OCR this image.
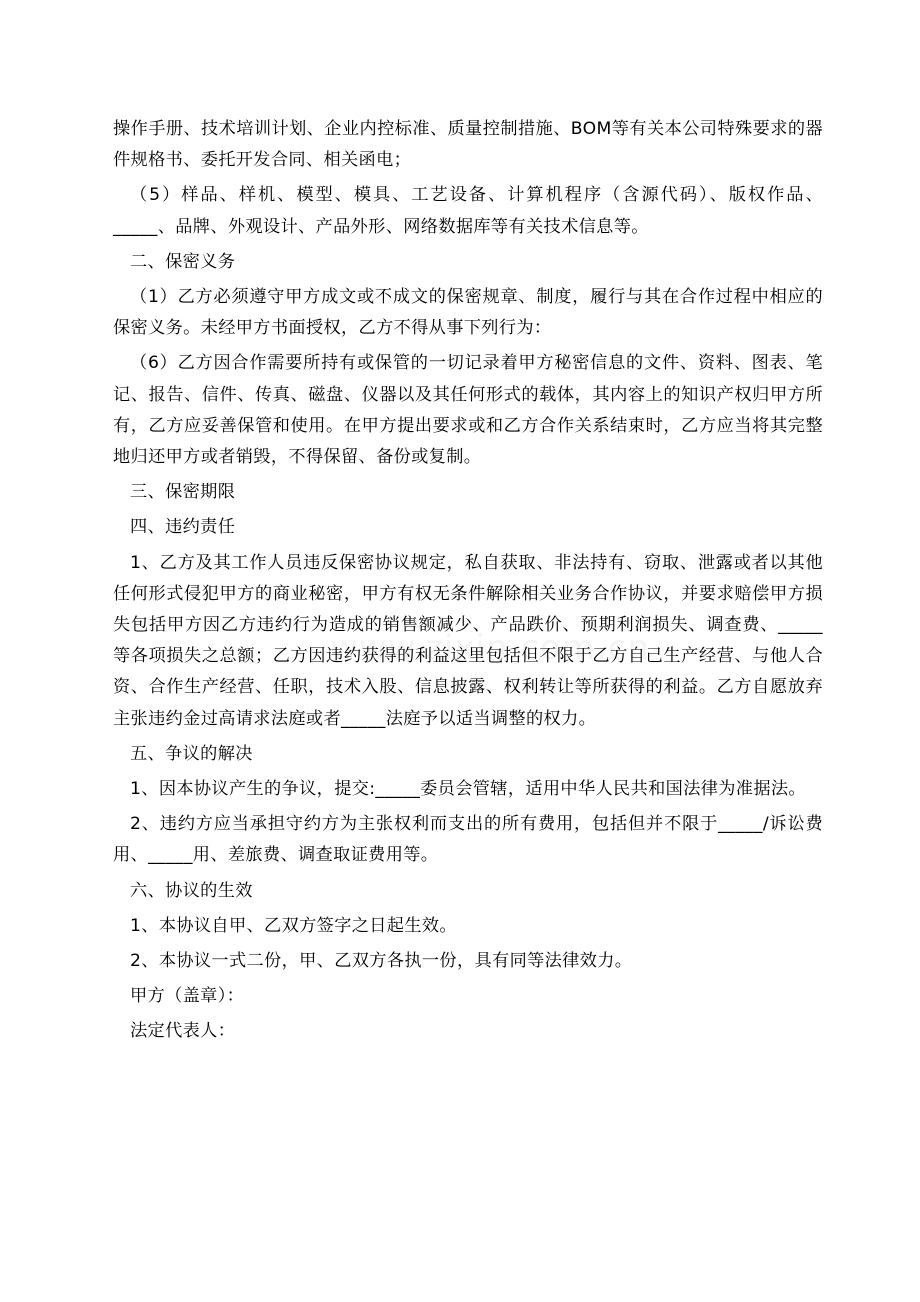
操作手册、技术培训计划、企业内控标准、质量控制措施、BOM等有关本公司特殊要求的器件规格书、委托开发合同、相关函电；

（5）样品、样机、模型、模具、工艺设备、计算机程序（含源代码）、版权作品、_____、品牌、外观设计、产品外形、网络数据库等有关技术信息等。

二、保密义务

（1）乙方必须遵守甲方成文或不成文的保密规章、制度，履行与其在合作过程中相应的保密义务。未经甲方书面授权，乙方不得从事下列行为：

（6）乙方因合作需要所持有或保管的一切记录着甲方秘密信息的文件、资料、图表、笔记、报告、信件、传真、磁盘、仪器以及其任何形式的载体，其内容上的知识产权归甲方所有，乙方应妥善保管和使用。在甲方提出要求或和乙方合作关系结束时，乙方应当将其完整地归还甲方或者销毁，不得保留、备份或复制。

三、保密期限

四、违约责任

1、乙方及其工作人员违反保密协议规定，私自获取、非法持有、窃取、泄露或者以其他任何形式侵犯甲方的商业秘密，甲方有权无条件解除相关业务合作协议，并要求赔偿甲方损失包括甲方因乙方违约行为造成的销售额减少、产品跌价、预期利润损失、调查费、_____等各项损失之总额；乙方因违约获得的利益这里包括但不限于乙方自己生产经营、与他人合资、合作生产经营、任职，技术入股、信息披露、权利转让等所获得的利益。乙方自愿放弃主张违约金过高请求法庭或者_____法庭予以适当调整的权力。

五、争议的解决

1、因本协议产生的争议，提交:_____委员会管辖，适用中华人民共和国法律为准据法。

2、违约方应当承担守约方为主张权利而支出的所有费用，包括但并不限于_____/诉讼费用、_____用、差旅费、调查取证费用等。

六、协议的生效

1、本协议自甲、乙双方签字之日起生效。

2、本协议一式二份，甲、乙双方各执一份，具有同等法律效力。

甲方（盖章）：

法定代表人：
